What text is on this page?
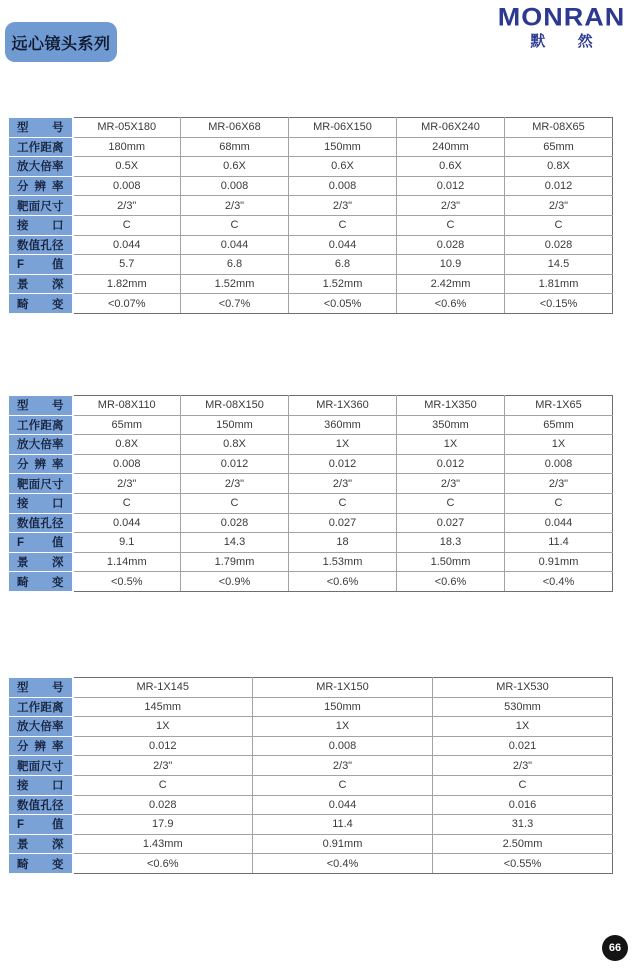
远心镜头系列
MONRAN
默 然
型号	MR-05X180	MR-06X68	MR-06X150	MR-06X240	MR-08X65
工作距离	180mm	68mm	150mm	240mm	65mm
放大倍率	0.5X	0.6X	0.6X	0.6X	0.8X
分辨率	0.008	0.008	0.008	0.012	0.012
靶面尺寸	2/3"	2/3"	2/3"	2/3"	2/3"
接口	C	C	C	C	C
数值孔径	0.044	0.044	0.044	0.028	0.028
F值	5.7	6.8	6.8	10.9	14.5
景深	1.82mm	1.52mm	1.52mm	2.42mm	1.81mm
畸变	<0.07%	<0.7%	<0.05%	<0.6%	<0.15%
型号	MR-08X110	MR-08X150	MR-1X360	MR-1X350	MR-1X65
工作距离	65mm	150mm	360mm	350mm	65mm
放大倍率	0.8X	0.8X	1X	1X	1X
分辨率	0.008	0.012	0.012	0.012	0.008
靶面尺寸	2/3"	2/3"	2/3"	2/3"	2/3"
接口	C	C	C	C	C
数值孔径	0.044	0.028	0.027	0.027	0.044
F值	9.1	14.3	18	18.3	11.4
景深	1.14mm	1.79mm	1.53mm	1.50mm	0.91mm
畸变	<0.5%	<0.9%	<0.6%	<0.6%	<0.4%
型号	MR-1X145	MR-1X150	MR-1X530
工作距离	145mm	150mm	530mm
放大倍率	1X	1X	1X
分辨率	0.012	0.008	0.021
靶面尺寸	2/3"	2/3"	2/3"
接口	C	C	C
数值孔径	0.028	0.044	0.016
F值	17.9	11.4	31.3
景深	1.43mm	0.91mm	2.50mm
畸变	<0.6%	<0.4%	<0.55%
66
